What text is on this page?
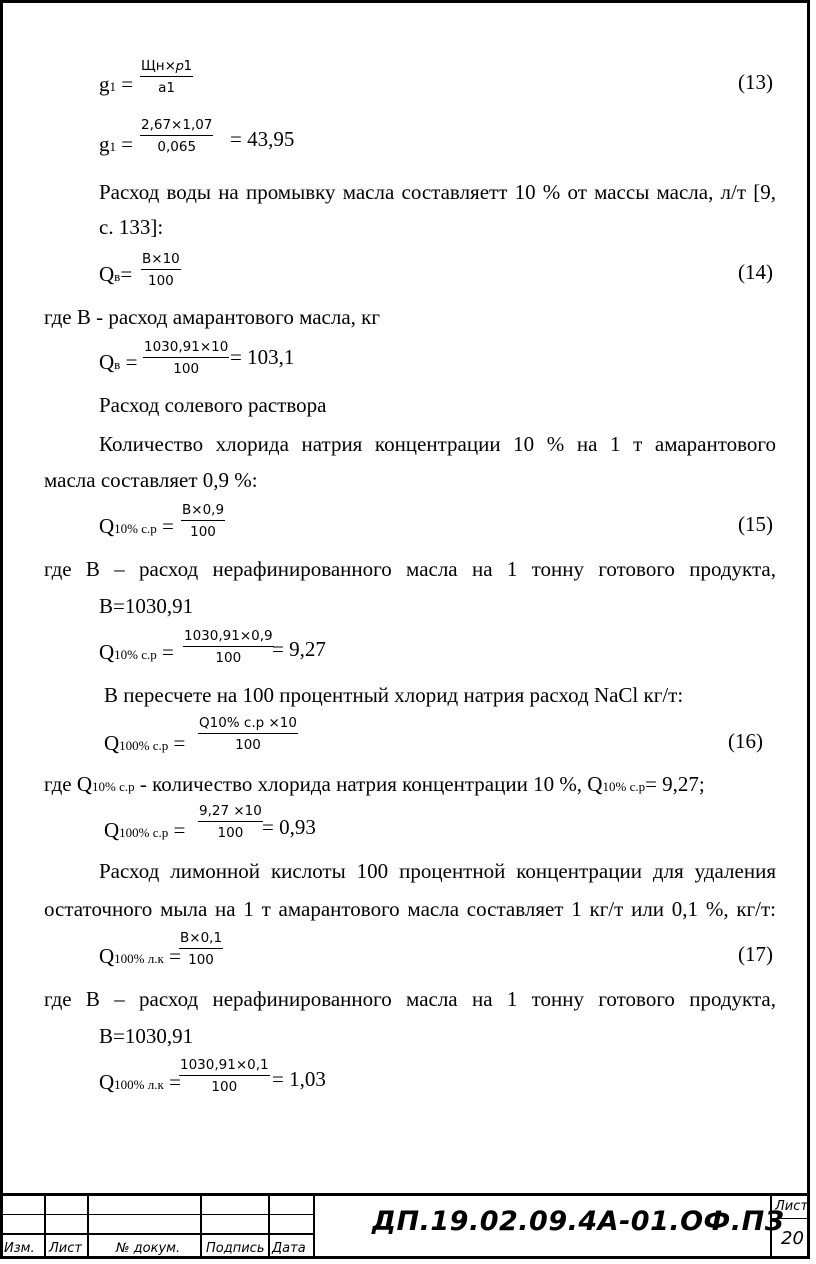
g1 =
Щн×𝑝1
а1	(13)
$g1 = \frac{2,67\times 1,07}{0,065} = 43,95$
Расход воды на промывку масла составляетт 10 % от массы масла, л/т [9,
с. 133]:
Qв=
В×10
100	(14)
где В - расход амарантового масла, кг
Qв = $\frac{1030,91\times 10}{100} = 103,1$
Расход солевого раствора
Количество хлорида натрия концентрации 10 % на 1 т амарантового
масла составляет 0,9 %:
Q10% с.р =
В×0,9
100	(15)
где В – расход нерафинированного масла на 1 тонну готового продукта,
В=1030,91
Q10% $с.р = \frac{1030,91\times 0,9}{100}$
= 9,27
В пересчете на 100 процентный хлорид натрия расход NaCl кг/т:
Q100% с.р =
Q10% с.р ×10
100	(16)
где Q10% с.р - количество хлорида натрия концентрации 10 %, Q10% с.р= 9,27;
Q100% $с.р = \frac{9,27 \times 10}{100} = 0,93$
Расход лимонной кислоты 100 процентной концентрации для удаления
остаточного мыла на 1 т амарантового масла составляет 1 кг/т или 0,1 %, кг/т:
Q100% л.к =
В×0,1
100	(17)
где В – расход нерафинированного масла на 1 тонну готового продукта,
В=1030,91
Q100% л.к =
$\frac{1030,91\times 0,1}{100} = 1,03$
Изм. Лист	№ докум. Подпись Дата
ДП.19.02.09.4А-01.ОФ.ПЗ
Лист
20
